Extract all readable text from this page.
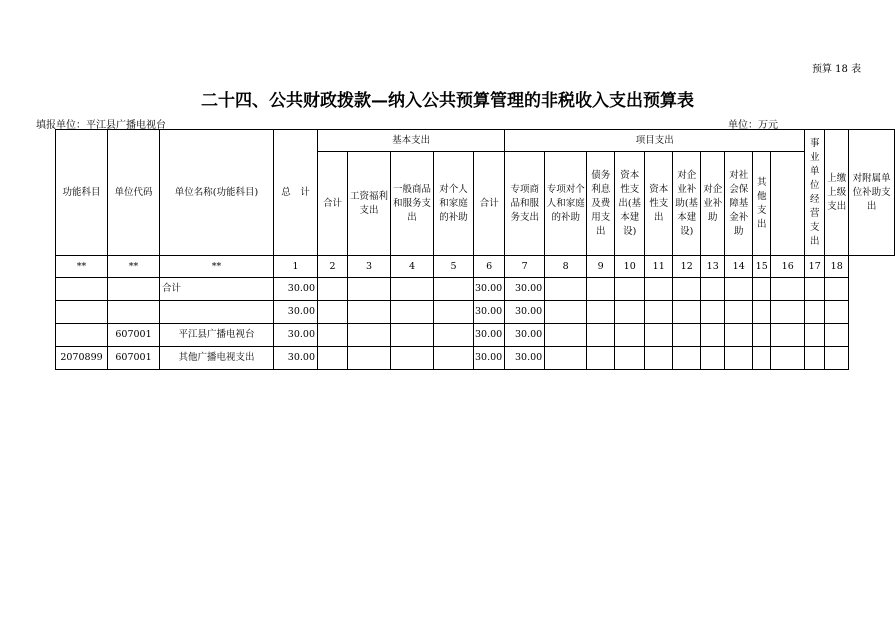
预算 18 表
二十四、公共财政拨款—纳入公共预算管理的非税收入支出预算表
填报单位：平江县广播电视台	单位：万元
功能科目	单位代码	单位名称(功能科目)	总　计	基本支出					项目支出										事业单位经营支出	上缴上级支出	对附属单位补助支出
				合计	工资福利支出	一般商品和服务支出	对个人和家庭的补助	合计	专项商品和服务支出	专项对个人和家庭的补助	债务利息及费用支出	资本性支出(基本建设)	资本性支出	对企业补助(基本建设)	对企业补助	对社会保障基金补助	其他支出				
**	**	**	1	2	3	4	5	6	7	8	9	10	11	12	13	14	15	16	17	18	
		合计	30.00					30.00	30.00												
			30.00					30.00	30.00												
	607001	平江县广播电视台	30.00					30.00	30.00												
2070899	607001	其他广播电视支出	30.00					30.00	30.00												
